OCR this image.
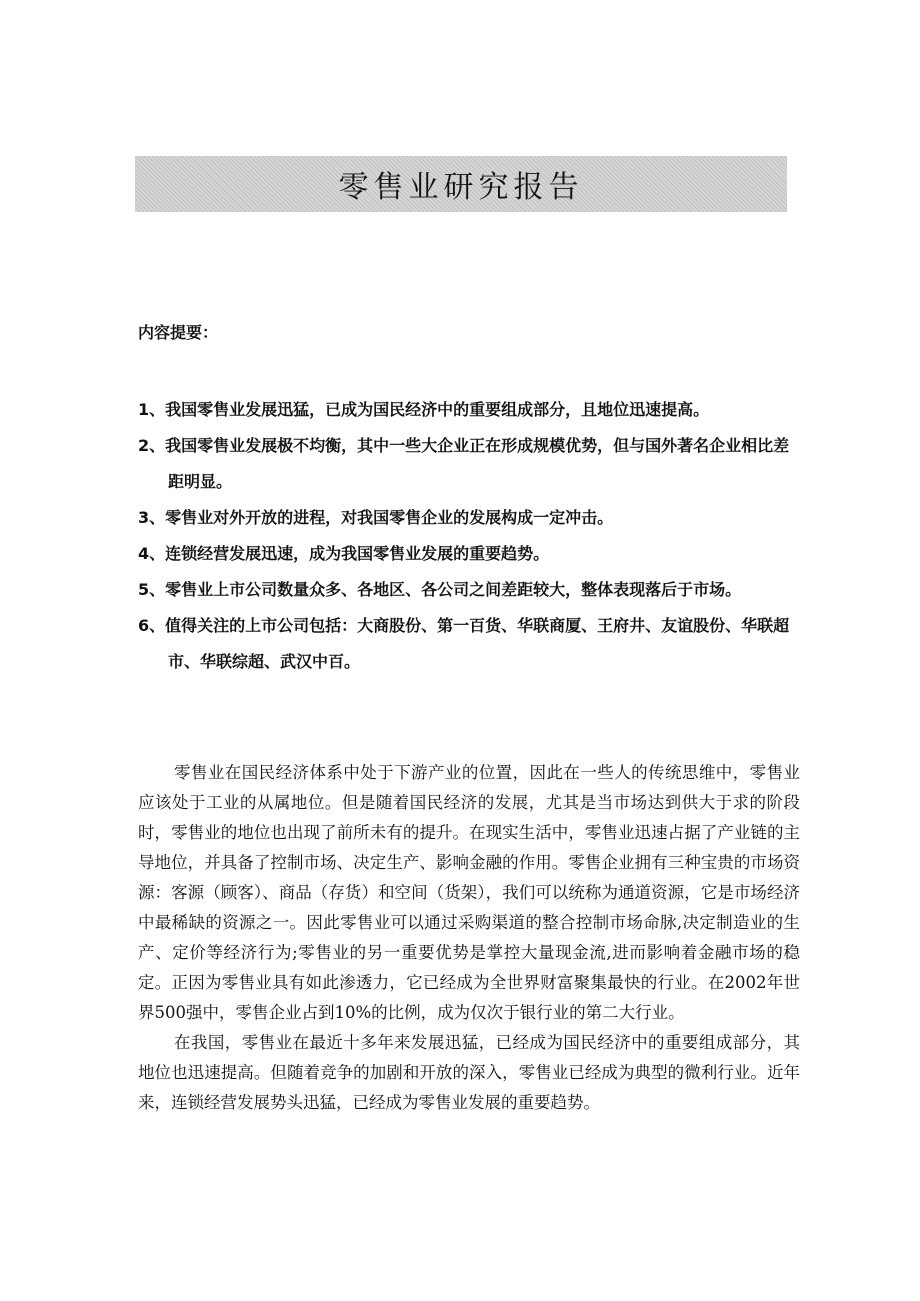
零售业研究报告
内容提要：
1、我国零售业发展迅猛，已成为国民经济中的重要组成部分，且地位迅速提高。
2、我国零售业发展极不均衡，其中一些大企业正在形成规模优势，但与国外著名企业相比差距明显。
3、零售业对外开放的进程，对我国零售企业的发展构成一定冲击。
4、连锁经营发展迅速，成为我国零售业发展的重要趋势。
5、零售业上市公司数量众多、各地区、各公司之间差距较大，整体表现落后于市场。
6、值得关注的上市公司包括：大商股份、第一百货、华联商厦、王府井、友谊股份、华联超市、华联综超、武汉中百。

零售业在国民经济体系中处于下游产业的位置，因此在一些人的传统思维中，零售业应该处于工业的从属地位。但是随着国民经济的发展，尤其是当市场达到供大于求的阶段时，零售业的地位也出现了前所未有的提升。在现实生活中，零售业迅速占据了产业链的主导地位，并具备了控制市场、决定生产、影响金融的作用。零售企业拥有三种宝贵的市场资源：客源（顾客）、商品（存货）和空间（货架），我们可以统称为通道资源，它是市场经济中最稀缺的资源之一。因此零售业可以通过采购渠道的整合控制市场命脉,决定制造业的生产、定价等经济行为;零售业的另一重要优势是掌控大量现金流,进而影响着金融市场的稳定。正因为零售业具有如此渗透力，它已经成为全世界财富聚集最快的行业。在2002年世界500强中，零售企业占到10%的比例，成为仅次于银行业的第二大行业。

在我国，零售业在最近十多年来发展迅猛，已经成为国民经济中的重要组成部分，其地位也迅速提高。但随着竞争的加剧和开放的深入，零售业已经成为典型的微利行业。近年来，连锁经营发展势头迅猛，已经成为零售业发展的重要趋势。
